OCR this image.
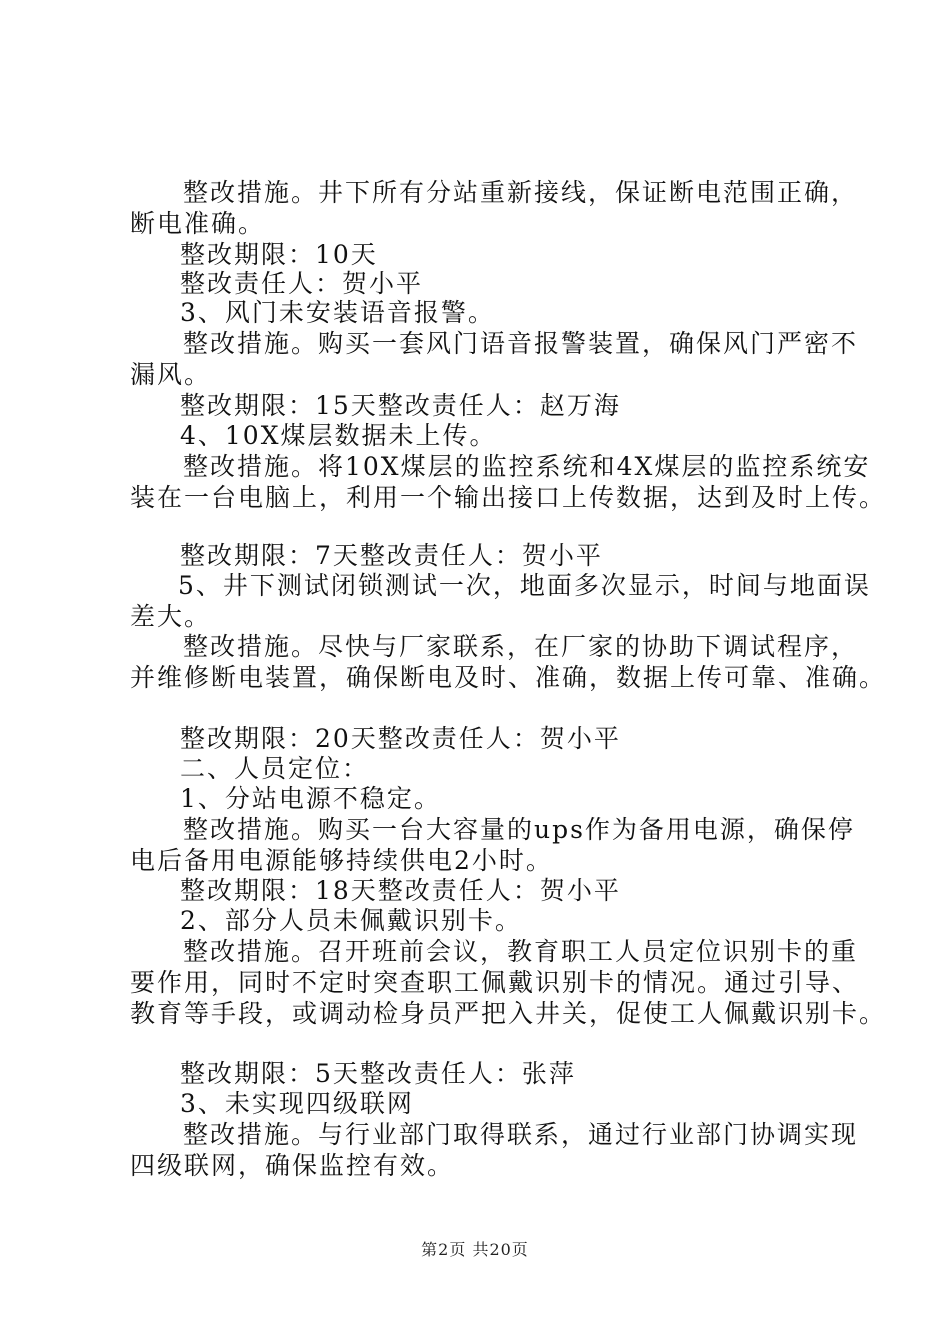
整改措施。井下所有分站重新接线，保证断电范围正确，
断电准确。
整改期限：10天
整改责任人：贺小平
3、风门未安装语音报警。
整改措施。购买一套风门语音报警装置，确保风门严密不
漏风。
整改期限：15天整改责任人：赵万海
4、10X煤层数据未上传。
整改措施。将10X煤层的监控系统和4X煤层的监控系统安
装在一台电脑上，利用一个输出接口上传数据，达到及时上传。
整改期限：7天整改责任人：贺小平
5、井下测试闭锁测试一次，地面多次显示，时间与地面误
差大。
整改措施。尽快与厂家联系，在厂家的协助下调试程序，
并维修断电装置，确保断电及时、准确，数据上传可靠、准确。
整改期限：20天整改责任人：贺小平
二、人员定位：
1、分站电源不稳定。
整改措施。购买一台大容量的ups作为备用电源，确保停
电后备用电源能够持续供电2小时。
整改期限：18天整改责任人：贺小平
2、部分人员未佩戴识别卡。
整改措施。召开班前会议，教育职工人员定位识别卡的重
要作用，同时不定时突查职工佩戴识别卡的情况。通过引导、
教育等手段，或调动检身员严把入井关，促使工人佩戴识别卡。
整改期限：5天整改责任人：张萍
3、未实现四级联网
整改措施。与行业部门取得联系，通过行业部门协调实现
四级联网，确保监控有效。
第2页 共20页
